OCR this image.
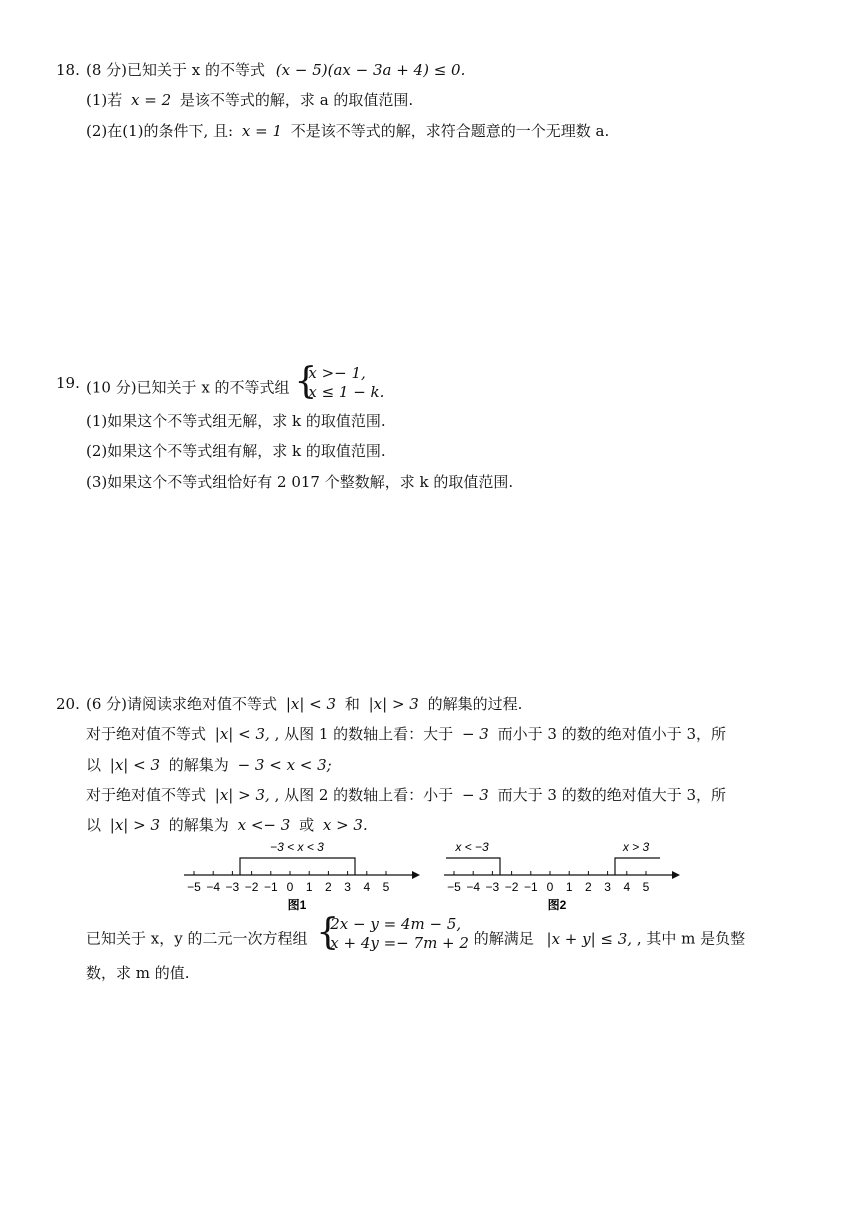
18. (8 分)已知关于 x 的不等式 (x − 5)(ax − 3a + 4) ≤ 0.
(1)若 x = 2 是该不等式的解，求 a 的取值范围.
(2)在(1)的条件下, 且: x = 1 不是该不等式的解，求符合题意的一个无理数 a.
19. (10 分)已知关于 x 的不等式组 {
x >− 1,
x ≤ 1 − k.
(1)如果这个不等式组无解，求 k 的取值范围.
(2)如果这个不等式组有解，求 k 的取值范围.
(3)如果这个不等式组恰好有 2 017 个整数解，求 k 的取值范围.
20. (6 分)请阅读求绝对值不等式 |x| < 3 和 |x| > 3 的解集的过程.
对于绝对值不等式 |x| < 3, , 从图 1 的数轴上看：大于 − 3 而小于 3 的数的绝对值小于 3，所
以 |x| < 3 的解集为 − 3 < x < 3;
对于绝对值不等式 |x| > 3, , 从图 2 的数轴上看：小于 − 3 而大于 3 的数的绝对值大于 3，所
以 |x| > 3 的解集为 x <− 3 或 x > 3.
−5 −4 −3 −2 −1 0 1 2 3 4 5
−3 < x < 3
图1
−5 −4 −3 −2 −1 0 1 2 3 4 5
x < −3	x > 3
图2
已知关于 x，y 的二元一次方程组 {
2x − y = 4m − 5,
x + 4y =− 7m + 2 的解满足 |x + y| ≤ 3, , 其中 m 是负整
数，求 m 的值.
